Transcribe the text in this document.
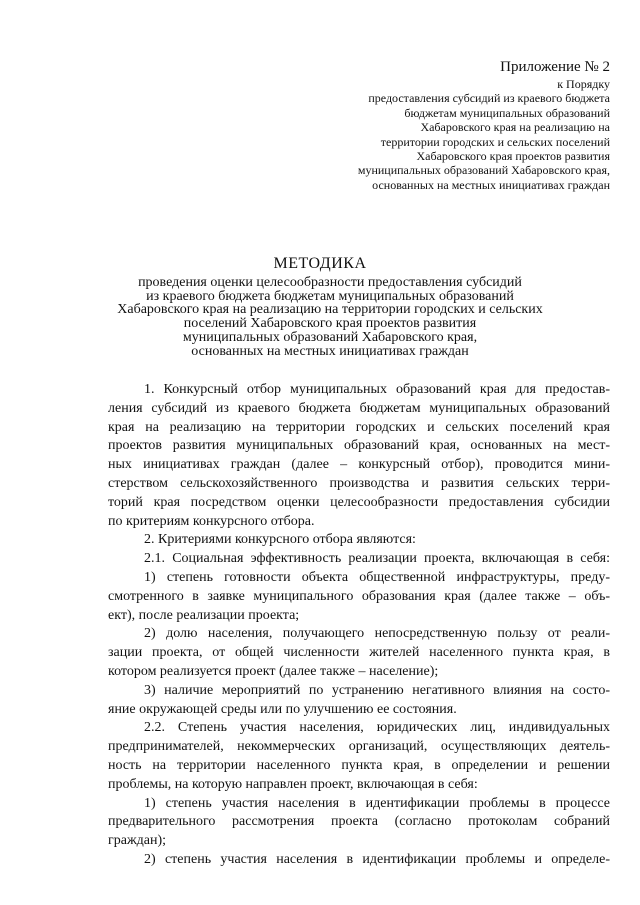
Приложение № 2
к Порядку
предоставления субсидий из краевого бюджета
бюджетам муниципальных образований
Хабаровского края на реализацию на
территории городских и сельских поселений
Хабаровского края проектов развития
муниципальных образований Хабаровского края,
основанных на местных инициативах граждан
МЕТОДИКА
проведения оценки целесообразности предоставления субсидий
из краевого бюджета бюджетам муниципальных образований
Хабаровского края на реализацию на территории городских и сельских
поселений Хабаровского края проектов развития
муниципальных образований Хабаровского края,
основанных на местных инициативах граждан
1. Конкурсный отбор муниципальных образований края для предостав-
ления субсидий из краевого бюджета бюджетам муниципальных образований
края на реализацию на территории городских и сельских поселений края
проектов развития муниципальных образований края, основанных на мест-
ных инициативах граждан (далее – конкурсный отбор), проводится мини-
стерством сельскохозяйственного производства и развития сельских терри-
торий края посредством оценки целесообразности предоставления субсидии
по критериям конкурсного отбора.
2. Критериями конкурсного отбора являются:
2.1. Социальная эффективность реализации проекта, включающая в себя:
1) степень готовности объекта общественной инфраструктуры, преду-
смотренного в заявке муниципального образования края (далее также – объ-
ект), после реализации проекта;
2) долю населения, получающего непосредственную пользу от реали-
зации проекта, от общей численности жителей населенного пункта края, в
котором реализуется проект (далее также – население);
3) наличие мероприятий по устранению негативного влияния на состо-
яние окружающей среды или по улучшению ее состояния.
2.2. Степень участия населения, юридических лиц, индивидуальных
предпринимателей, некоммерческих организаций, осуществляющих деятель-
ность на территории населенного пункта края, в определении и решении
проблемы, на которую направлен проект, включающая в себя:
1) степень участия населения в идентификации проблемы в процессе
предварительного рассмотрения проекта (согласно протоколам собраний
граждан);
2) степень участия населения в идентификации проблемы и определе-
